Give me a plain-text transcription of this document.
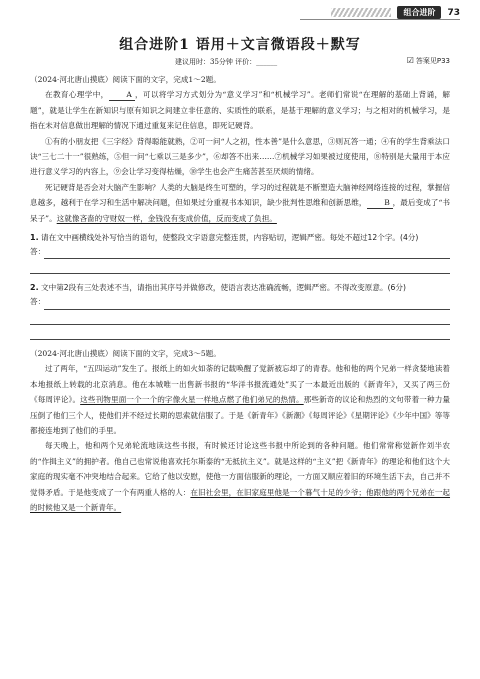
组合进阶	73
组合进阶1 语用＋文言微语段＋默写
建议用时：35分钟 评价：______	☑ 答案见P33

（2024·河北唐山摸底）阅读下面的文字，完成1～2题。

在教育心理学中， A ，可以将学习方式划分为“意义学习”和“机械学习”。老师们常说“在理解的基础上背诵，解题”，就是让学生在新知识与原有知识之间建立非任意的、实质性的联系，是基于理解的意义学习；与之相对的机械学习，是指在未对信息做出理解的情况下通过重复来记住信息，即死记硬背。

①有的小朋友把《三字经》背得聪能就熟，②可一问“人之初，性本善”是什么意思，③则瓦答一通；④有的学生背乘法口诀“三七二十一”很熟练，⑤但一问“七乘以三是多少”，⑥却答不出来……⑦机械学习如果被过度使用，⑧特别是大量用于本应进行意义学习的内容上，⑨会让学习变得枯燥，⑩学生也会产生痛苦甚至厌烦的情绪。

死记硬背是否会对大脑产生影响？人类的大脑是终生可塑的，学习的过程就是不断塑造大脑神经网络连接的过程，掌握信息越多，越利于在学习和生活中解决问题，但如果过分重视书本知识，缺少批判性思维和创新思维， B ，最后变成了“书呆子”。这就像吝啬的守财奴一样，金钱没有变成价值，反而变成了负担。

1. 请在文中画横线处补写恰当的语句，使整段文字语意完整连贯，内容贴切，逻辑严密。每处不超过12个字。(4分)

答：

2. 文中第2段有三处表述不当，请指出其序号并做修改，使语言表达准确流畅，逻辑严密。不得改变原意。(6分)

答：

（2024·河北唐山摸底）阅读下面的文字，完成3～5题。

过了两年，“五四运动”发生了。报纸上的如火如荼的记载唤醒了觉新被忘却了的青春。他和他的两个兄弟一样贪婪地读着本地报纸上转载的北京消息。他在本城唯一出售新书报的“华洋书报流通处”买了一本最近出版的《新青年》，又买了两三份《每周评论》。这些刊物里面一个一个的字像火星一样地点燃了他们弟兄的热情。那些新奇的议论和热烈的文句带着一种力量压倒了他们三个人，使他们并不经过长期的思索就信服了。于是《新青年》《新潮》《每周评论》《星期评论》《少年中国》等等都接连地到了他们的手里。

每天晚上，他和两个兄弟轮流地读这些书报，有时候还讨论这些书报中所论到的各种问题。他们常常称觉新作刘半农的“作揖主义”的拥护者。他自己也常说他喜欢托尔斯泰的“无抵抗主义”。就是这样的“主义”把《新青年》的理论和他们这个大家庭的现实毫不冲突地结合起来。它给了他以安慰，使他一方面信服新的理论，一方面又顺应着旧的环境生活下去，自己并不觉得矛盾。于是他变成了一个有两重人格的人：在旧社会里，在旧家庭里他是一个暮气十足的少爷；他跟他的两个兄弟在一起的时候他又是一个新青年。
